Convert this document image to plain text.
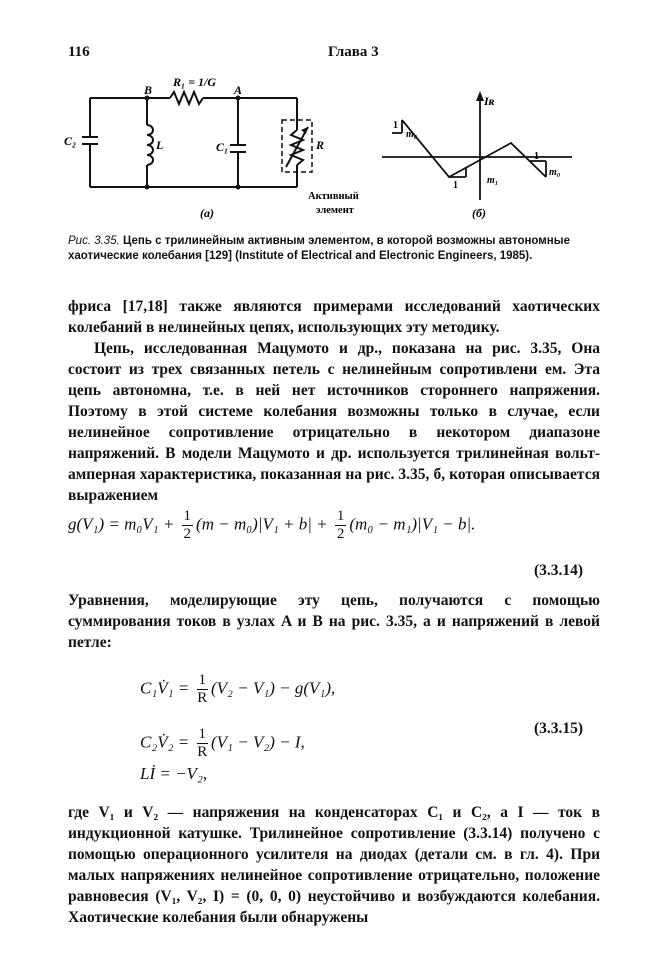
116	Глава 3
B	A
R₁ = 1/G
C₂	L	C₁	R
(a)	(б)
Iʀ
Активный
элемент
1
m₀
1	m₁
1
m₀
Рис. 3.35. Цепь с трилинейным активным элементом, в которой возможны автономные хаотические колебания [129] (Institute of Electrical and Electronic Engineers, 1985).

фриса [17,18] также являются примерами исследований хаотических колебаний в нелинейных цепях, использующих эту методику.

Цепь, исследованная Мацумото и др., показана на рис. 3.35, Она состоит из трех связанных петель с нелинейным сопротивлени ем. Эта цепь автономна, т.е. в ней нет источников стороннего напряжения. Поэтому в этой системе колебания возможны только в случае, если нелинейное сопротивление отрицательно в некотором диапазоне напряжений. В модели Мацумото и др. используется трилинейная вольт-амперная характеристика, показанная на рис. 3.35, б, которая описывается выражением

$g(V_1) = m_0V_1 + \frac{1}{2} (m - m_0)|V_1 + b| + \frac{1}{2} (m_0 - m_1)|V_1 - b|$.
(3.3.14)

Уравнения, моделирующие эту цепь, получаются с помощью суммирования токов в узлах A и B на рис. 3.35, a и напряжений в левой петле:

C₁V̇₁ = $\frac{1}{R} (V_2 - V_1) - g(V_1)$,
C₂V̇₂ = $\frac{1}{R} (V_1 - V_2) - I$,
Lİ = −V₂,
(3.3.15)

где V₁ и V₂ — напряжения на конденсаторах C₁ и C₂, а I — ток в индукционной катушке. Трилинейное сопротивление (3.3.14) получено с помощью операционного усилителя на диодах (детали см. в гл. 4). При малых напряжениях нелинейное сопротивление отрицательно, положение равновесия (V₁, V₂, I) = (0, 0, 0) неустойчиво и возбуждаются колебания. Хаотические колебания были обнаружены
